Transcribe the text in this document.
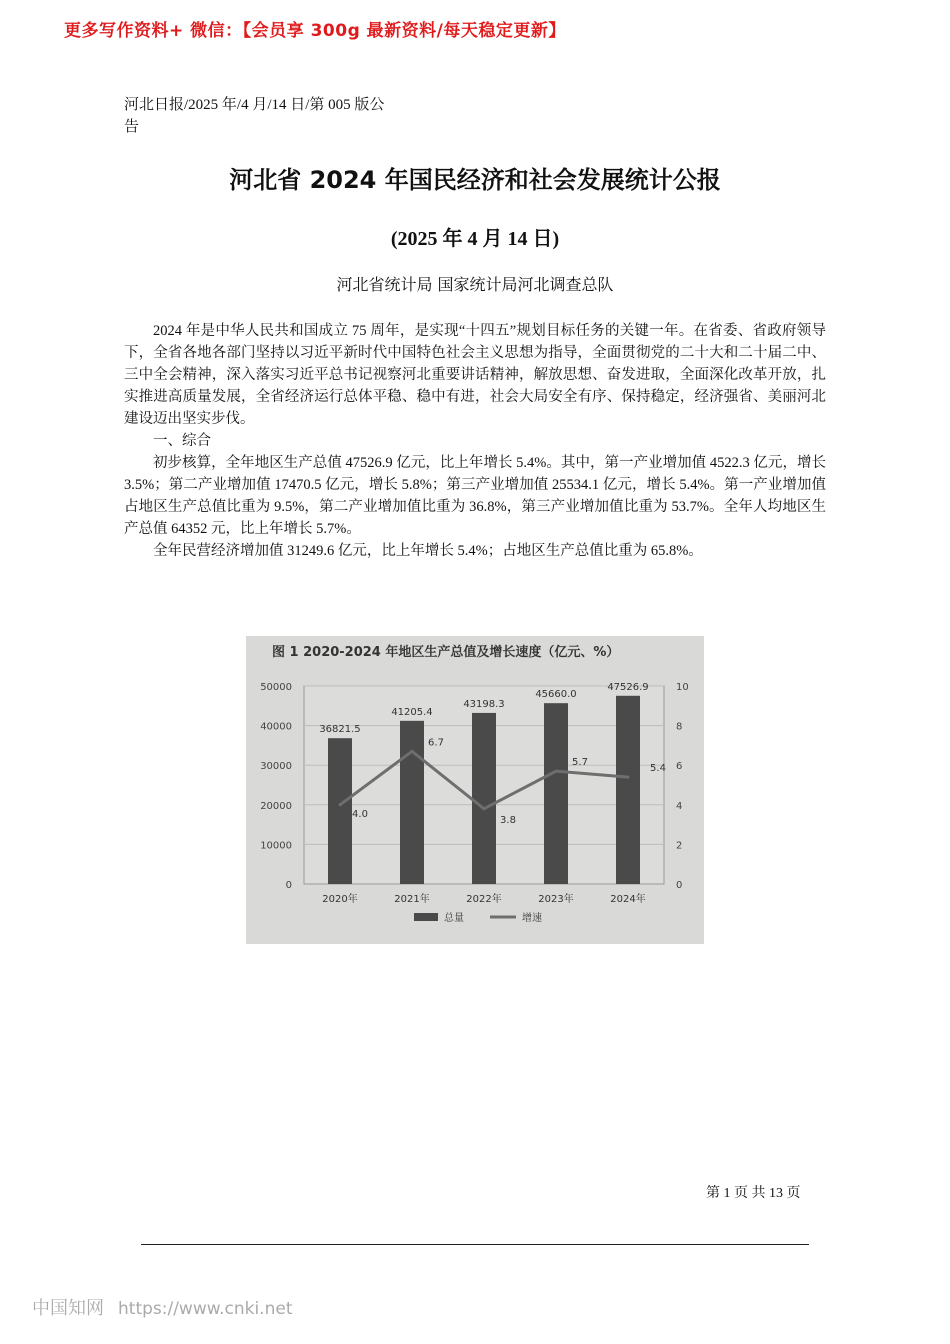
更多写作资料+ 微信：【会员享 300g 最新资料/每天稳定更新】
河北日报/2025 年/4 月/14 日/第 005 版公告
河北省 2024 年国民经济和社会发展统计公报
(2025 年 4 月 14 日)
河北省统计局 国家统计局河北调查总队

2024 年是中华人民共和国成立 75 周年，是实现“十四五”规划目标任务的关键一年。在省委、省政府领导下，全省各地各部门坚持以习近平新时代中国特色社会主义思想为指导，全面贯彻党的二十大和二十届二中、三中全会精神，深入落实习近平总书记视察河北重要讲话精神，解放思想、奋发进取，全面深化改革开放，扎实推进高质量发展，全省经济运行总体平稳、稳中有进，社会大局安全有序、保持稳定，经济强省、美丽河北建设迈出坚实步伐。

一、综合

初步核算，全年地区生产总值 47526.9 亿元，比上年增长 5.4%。其中，第一产业增加值 4522.3 亿元，增长 3.5%；第二产业增加值 17470.5 亿元，增长 5.8%；第三产业增加值 25534.1 亿元，增长 5.4%。第一产业增加值占地区生产总值比重为 9.5%，第二产业增加值比重为 36.8%，第三产业增加值比重为 53.7%。全年人均地区生产总值 64352 元，比上年增长 5.7%。

全年民营经济增加值 31249.6 亿元，比上年增长 5.4%；占地区生产总值比重为 65.8%。

图 1 2020-2024 年地区生产总值及增长速度（亿元、%）
0
10000
20000
30000
40000
50000
0
2
4
6
8
10
36821.5
2020年
41205.4
2021年
43198.3
2022年
45660.0
2023年
47526.9
2024年
4.0
6.7
3.8
5.7
5.4
总量	增速
第 1 页 共 13 页
中国知网 https://www.cnki.net
